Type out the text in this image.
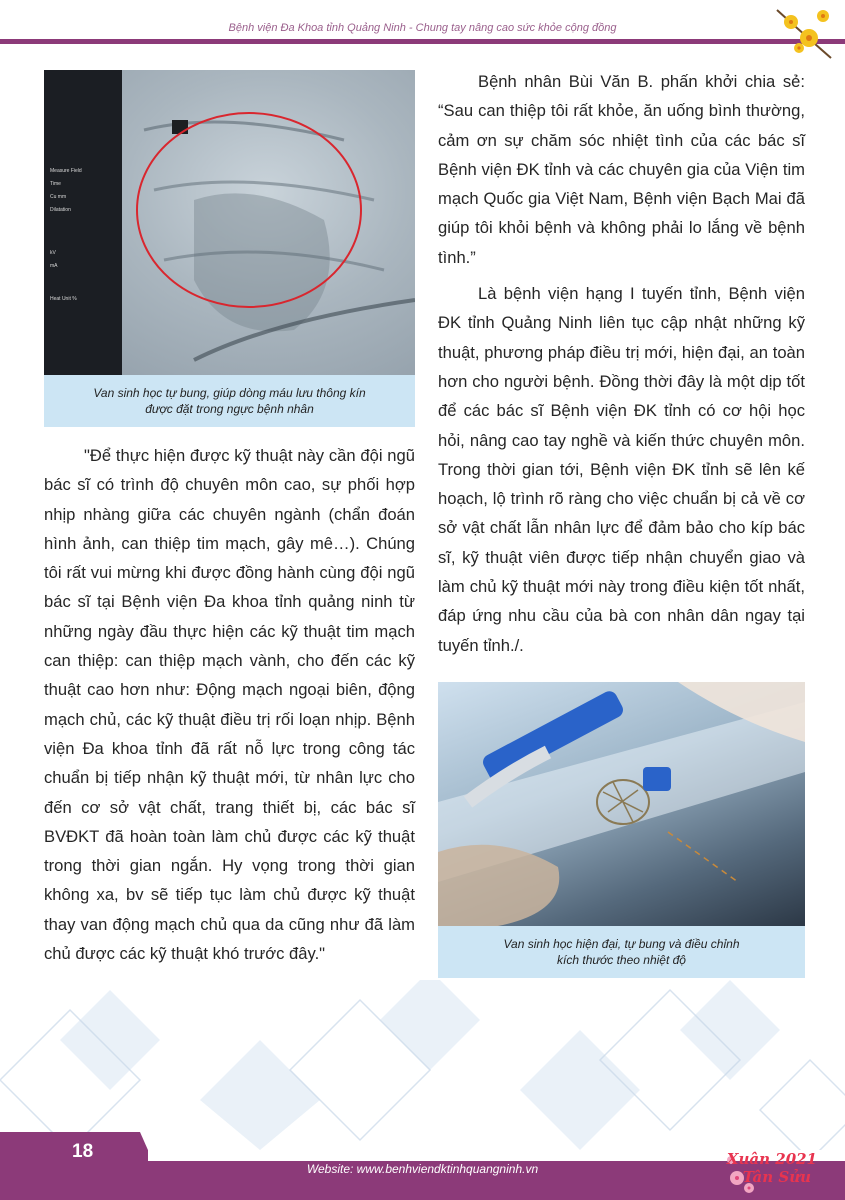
Bệnh viện Đa Khoa tỉnh Quảng Ninh - Chung tay nâng cao sức khỏe cộng đồng
Measure Field
Time
Cu mm
Dilatation
kV
mA
Heat Unit %
Van sinh học tự bung, giúp dòng máu lưu thông kín
được đặt trong ngực bệnh nhân

"Để thực hiện được kỹ thuật này cần đội ngũ bác sĩ có trình độ chuyên môn cao, sự phối hợp nhịp nhàng giữa các chuyên ngành (chẩn đoán hình ảnh, can thiệp tim mạch, gây mê…). Chúng tôi rất vui mừng khi được đồng hành cùng đội ngũ bác sĩ tại Bệnh viện Đa khoa tỉnh quảng ninh từ những ngày đầu thực hiện các kỹ thuật tim mạch can thiệp: can thiệp mạch vành, cho đến các kỹ thuật cao hơn như: Động mạch ngoại biên, động mạch chủ, các kỹ thuật điều trị rối loạn nhịp. Bệnh viện Đa khoa tỉnh đã rất nỗ lực trong công tác chuẩn bị tiếp nhận kỹ thuật mới, từ nhân lực cho đến cơ sở vật chất, trang thiết bị, các bác sĩ BVĐKT đã hoàn toàn làm chủ được các kỹ thuật trong thời gian ngắn. Hy vọng trong thời gian không xa, bv sẽ tiếp tục làm chủ được kỹ thuật thay van động mạch chủ qua da cũng như đã làm chủ được các kỹ thuật khó trước đây."

Bệnh nhân Bùi Văn B. phấn khởi chia sẻ: “Sau can thiệp tôi rất khỏe, ăn uống bình thường, cảm ơn sự chăm sóc nhiệt tình của các bác sĩ Bệnh viện ĐK tỉnh và các chuyên gia của Viện tim mạch Quốc gia Việt Nam, Bệnh viện Bạch Mai đã giúp tôi khỏi bệnh và không phải lo lắng về bệnh tình.”

Là bệnh viện hạng I tuyến tỉnh, Bệnh viện ĐK tỉnh Quảng Ninh liên tục cập nhật những kỹ thuật, phương pháp điều trị mới, hiện đại, an toàn hơn cho người bệnh. Đồng thời đây là một dịp tốt để các bác sĩ Bệnh viện ĐK tỉnh có cơ hội học hỏi, nâng cao tay nghề và kiến thức chuyên môn. Trong thời gian tới, Bệnh viện ĐK tỉnh sẽ lên kế hoạch, lộ trình rõ ràng cho việc chuẩn bị cả về cơ sở vật chất lẫn nhân lực để đảm bảo cho kíp bác sĩ, kỹ thuật viên được tiếp nhận chuyển giao và làm chủ kỹ thuật mới này trong điều kiện tốt nhất, đáp ứng nhu cầu của bà con nhân dân ngay tại tuyến tỉnh./.

Van sinh học hiện đại, tự bung và điều chỉnh
kích thước theo nhiệt độ
18
Website: www.benhviendktinhquangninh.vn
Xuân 2021
Tân Sửu
